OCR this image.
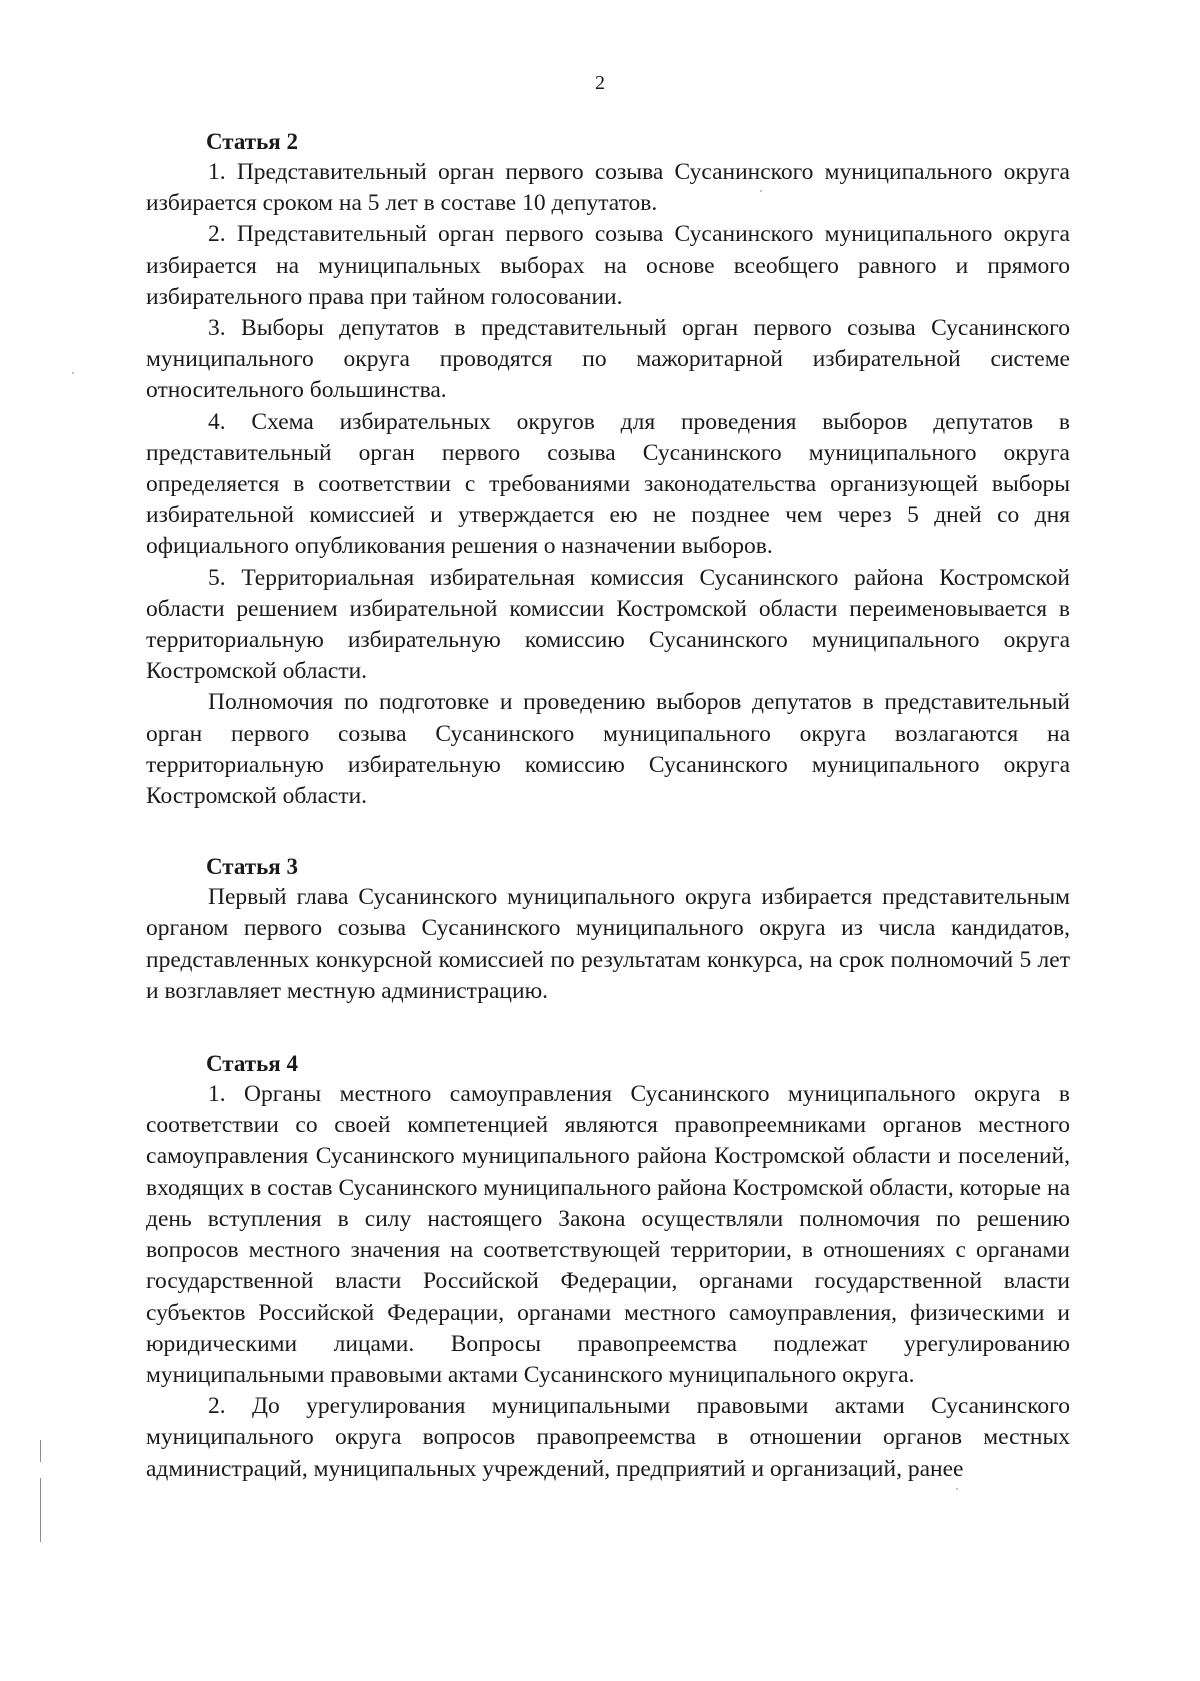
2

Статья 2

1. Представительный орган первого созыва Сусанинского муниципального округа избирается сроком на 5 лет в составе 10 депутатов.

2. Представительный орган первого созыва Сусанинского муниципального округа избирается на муниципальных выборах на основе всеобщего равного и прямого избирательного права при тайном голосовании.

3. Выборы депутатов в представительный орган первого созыва Сусанинского муниципального округа проводятся по мажоритарной избирательной системе относительного большинства.

4. Схема избирательных округов для проведения выборов депутатов в представительный орган первого созыва Сусанинского муниципального округа определяется в соответствии с требованиями законодательства организующей выборы избирательной комиссией и утверждается ею не позднее чем через 5 дней со дня официального опубликования решения о назначении выборов.

5. Территориальная избирательная комиссия Сусанинского района Костромской области решением избирательной комиссии Костромской области переименовывается в территориальную избирательную комиссию Сусанинского муниципального округа Костромской области.

Полномочия по подготовке и проведению выборов депутатов в представительный орган первого созыва Сусанинского муниципального округа возлагаются на территориальную избирательную комиссию Сусанинского муниципального округа Костромской области.

Статья 3

Первый глава Сусанинского муниципального округа избирается представительным органом первого созыва Сусанинского муниципального округа из числа кандидатов, представленных конкурсной комиссией по результатам конкурса, на срок полномочий 5 лет и возглавляет местную администрацию.

Статья 4

1. Органы местного самоуправления Сусанинского муниципального округа в соответствии со своей компетенцией являются правопреемниками органов местного самоуправления Сусанинского муниципального района Костромской области и поселений, входящих в состав Сусанинского муниципального района Костромской области, которые на день вступления в силу настоящего Закона осуществляли полномочия по решению вопросов местного значения на соответствующей территории, в отношениях с органами государственной власти Российской Федерации, органами государственной власти субъектов Российской Федерации, органами местного самоуправления, физическими и юридическими лицами. Вопросы правопреемства подлежат урегулированию муниципальными правовыми актами Сусанинского муниципального округа.

2. До урегулирования муниципальными правовыми актами Сусанинского муниципального округа вопросов правопреемства в отношении органов местных администраций, муниципальных учреждений, предприятий и организаций, ранее
